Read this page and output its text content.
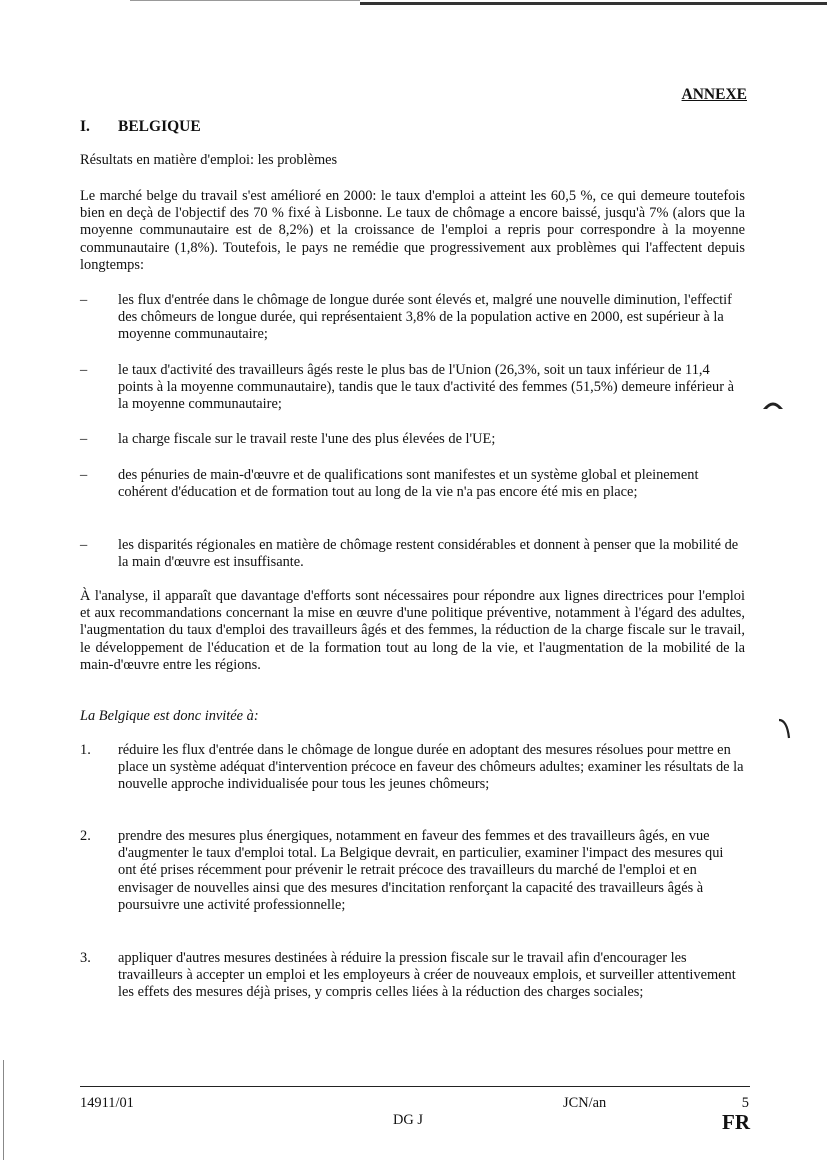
ANNEXE
I. BELGIQUE
Résultats en matière d'emploi: les problèmes
Le marché belge du travail s'est amélioré en 2000: le taux d'emploi a atteint les 60,5 %, ce qui demeure toutefois bien en deçà de l'objectif des 70 % fixé à Lisbonne. Le taux de chômage a encore baissé, jusqu'à 7% (alors que la moyenne communautaire est de 8,2%) et la croissance de l'emploi a repris pour correspondre à la moyenne communautaire (1,8%). Toutefois, le pays ne remédie que progressivement aux problèmes qui l'affectent depuis longtemps:
–	les flux d'entrée dans le chômage de longue durée sont élevés et, malgré une nouvelle diminution, l'effectif des chômeurs de longue durée, qui représentaient 3,8% de la population active en 2000, est supérieur à la moyenne communautaire;
–	le taux d'activité des travailleurs âgés reste le plus bas de l'Union (26,3%, soit un taux inférieur de 11,4 points à la moyenne communautaire), tandis que le taux d'activité des femmes (51,5%) demeure inférieur à la moyenne communautaire;
–	la charge fiscale sur le travail reste l'une des plus élevées de l'UE;
–	des pénuries de main-d'œuvre et de qualifications sont manifestes et un système global et pleinement cohérent d'éducation et de formation tout au long de la vie n'a pas encore été mis en place;
–	les disparités régionales en matière de chômage restent considérables et donnent à penser que la mobilité de la main d'œuvre est insuffisante.
À l'analyse, il apparaît que davantage d'efforts sont nécessaires pour répondre aux lignes directrices pour l'emploi et aux recommandations concernant la mise en œuvre d'une politique préventive, notamment à l'égard des adultes, l'augmentation du taux d'emploi des travailleurs âgés et des femmes, la réduction de la charge fiscale sur le travail, le développement de l'éducation et de la formation tout au long de la vie, et l'augmentation de la mobilité de la main-d'œuvre entre les régions.
La Belgique est donc invitée à:
1.	réduire les flux d'entrée dans le chômage de longue durée en adoptant des mesures résolues pour mettre en place un système adéquat d'intervention précoce en faveur des chômeurs adultes; examiner les résultats de la nouvelle approche individualisée pour tous les jeunes chômeurs;
2.	prendre des mesures plus énergiques, notamment en faveur des femmes et des travailleurs âgés, en vue d'augmenter le taux d'emploi total. La Belgique devrait, en particulier, examiner l'impact des mesures qui ont été prises récemment pour prévenir le retrait précoce des travailleurs du marché de l'emploi et en envisager de nouvelles ainsi que des mesures d'incitation renforçant la capacité des travailleurs âgés à poursuivre une activité professionnelle;
3.	appliquer d'autres mesures destinées à réduire la pression fiscale sur le travail afin d'encourager les travailleurs à accepter un emploi et les employeurs à créer de nouveaux emplois, et surveiller attentivement les effets des mesures déjà prises, y compris celles liées à la réduction des charges sociales;
14911/01	JCN/an	5
DG J	FR
